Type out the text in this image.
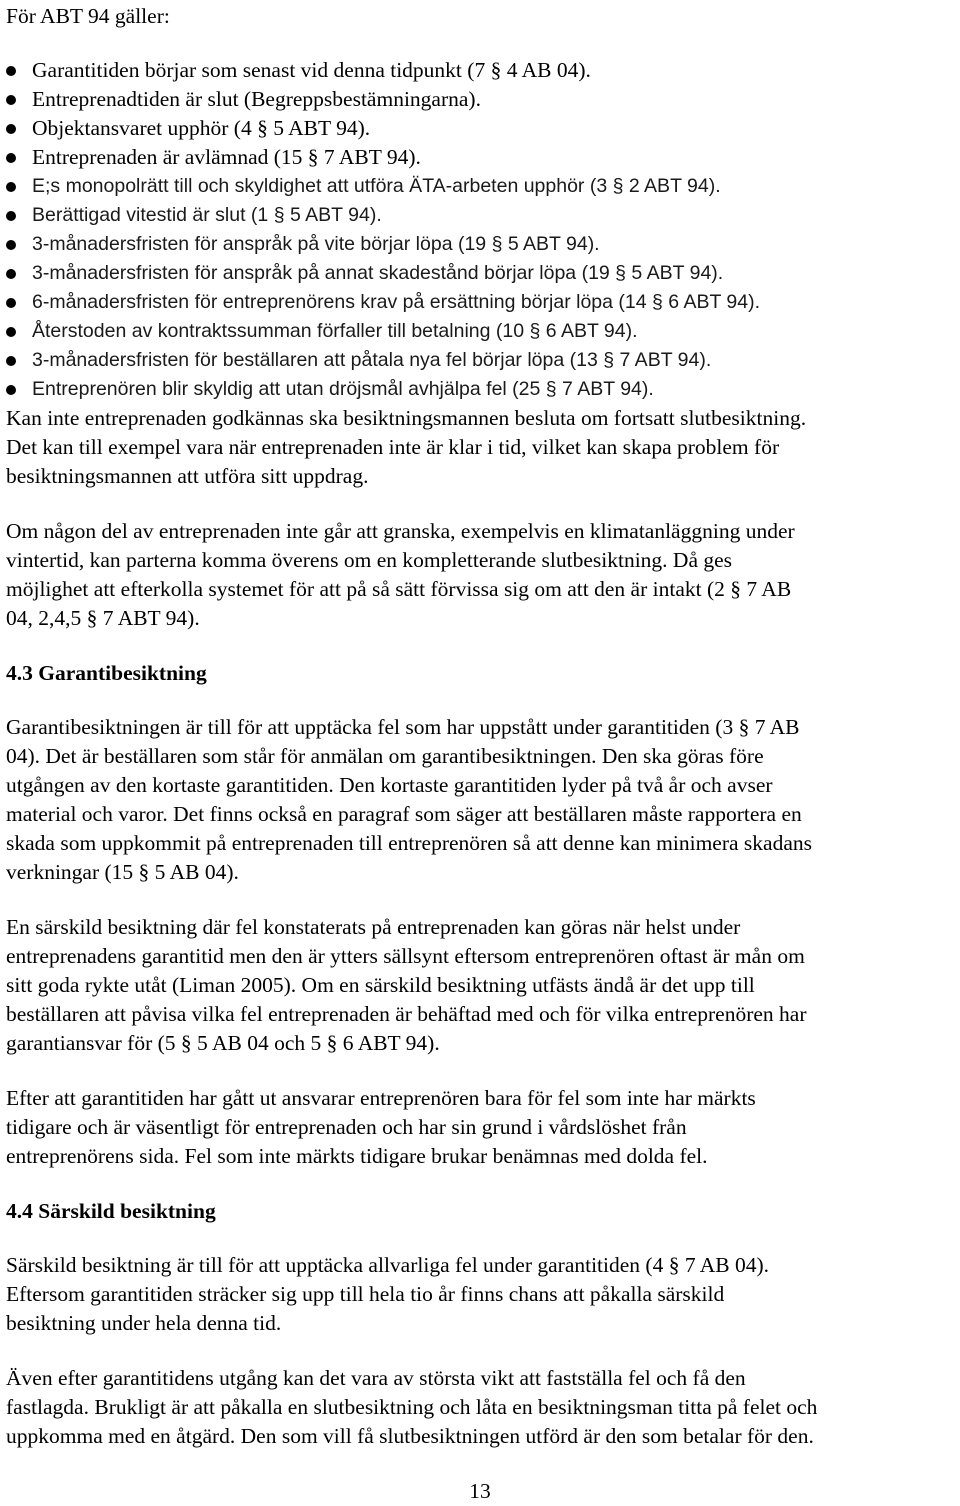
För ABT 94 gäller:
Garantitiden börjar som senast vid denna tidpunkt (7 § 4 AB 04).
Entreprenadtiden är slut (Begreppsbestämningarna).
Objektansvaret upphör (4 § 5 ABT 94).
Entreprenaden är avlämnad (15 § 7 ABT 94).
E;s monopolrätt till och skyldighet att utföra ÄTA-arbeten upphör (3 § 2 ABT 94).
Berättigad vitestid är slut (1 § 5 ABT 94).
3-månadersfristen för anspråk på vite börjar löpa (19 § 5 ABT 94).
3-månadersfristen för anspråk på annat skadestånd börjar löpa (19 § 5 ABT 94).
6-månadersfristen för entreprenörens krav på ersättning börjar löpa (14 § 6 ABT 94).
Återstoden av kontraktssumman förfaller till betalning (10 § 6 ABT 94).
3-månadersfristen för beställaren att påtala nya fel börjar löpa (13 § 7 ABT 94).
Entreprenören blir skyldig att utan dröjsmål avhjälpa fel (25 § 7 ABT 94).
Kan inte entreprenaden godkännas ska besiktningsmannen besluta om fortsatt slutbesiktning.
Det kan till exempel vara när entreprenaden inte är klar i tid, vilket kan skapa problem för
besiktningsmannen att utföra sitt uppdrag.
Om någon del av entreprenaden inte går att granska, exempelvis en klimatanläggning under
vintertid, kan parterna komma överens om en kompletterande slutbesiktning. Då ges
möjlighet att efterkolla systemet för att på så sätt förvissa sig om att den är intakt (2 § 7 AB
04, 2,4,5 § 7 ABT 94).
4.3 Garantibesiktning
Garantibesiktningen är till för att upptäcka fel som har uppstått under garantitiden (3 § 7 AB
04). Det är beställaren som står för anmälan om garantibesiktningen. Den ska göras före
utgången av den kortaste garantitiden. Den kortaste garantitiden lyder på två år och avser
material och varor. Det finns också en paragraf som säger att beställaren måste rapportera en
skada som uppkommit på entreprenaden till entreprenören så att denne kan minimera skadans
verkningar (15 § 5 AB 04).
En särskild besiktning där fel konstaterats på entreprenaden kan göras när helst under
entreprenadens garantitid men den är ytters sällsynt eftersom entreprenören oftast är mån om
sitt goda rykte utåt (Liman 2005). Om en särskild besiktning utfästs ändå är det upp till
beställaren att påvisa vilka fel entreprenaden är behäftad med och för vilka entreprenören har
garantiansvar för (5 § 5 AB 04 och 5 § 6 ABT 94).
Efter att garantitiden har gått ut ansvarar entreprenören bara för fel som inte har märkts
tidigare och är väsentligt för entreprenaden och har sin grund i vårdslöshet från
entreprenörens sida. Fel som inte märkts tidigare brukar benämnas med dolda fel.
4.4 Särskild besiktning
Särskild besiktning är till för att upptäcka allvarliga fel under garantitiden (4 § 7 AB 04).
Eftersom garantitiden sträcker sig upp till hela tio år finns chans att påkalla särskild
besiktning under hela denna tid.
Även efter garantitidens utgång kan det vara av största vikt att fastställa fel och få den
fastlagda. Brukligt är att påkalla en slutbesiktning och låta en besiktningsman titta på felet och
uppkomma med en åtgärd. Den som vill få slutbesiktningen utförd är den som betalar för den.
13
